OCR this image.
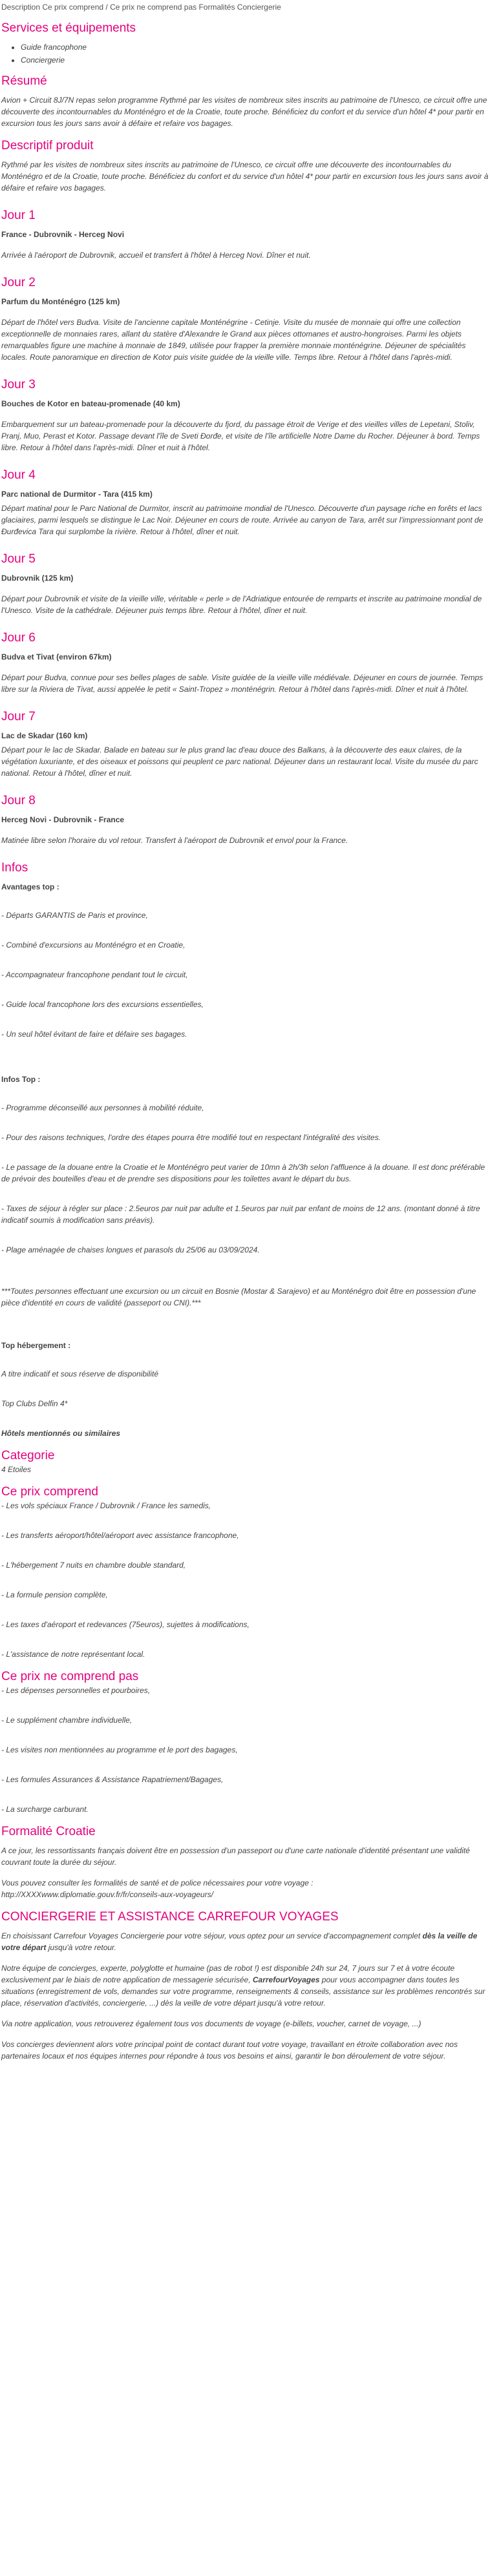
Description Ce prix comprend / Ce prix ne comprend pas Formalités Conciergerie
Services et équipements
• Guide francophone
• Conciergerie
Résumé

Avion + Circuit 8J/7N repas selon programme Rythmé par les visites de nombreux sites inscrits au patrimoine de l'Unesco, ce circuit offre une découverte des incontournables du Monténégro et de la Croatie, toute proche. Bénéficiez du confort et du service d'un hôtel 4* pour partir en excursion tous les jours sans avoir à défaire et refaire vos bagages.

Descriptif produit

Rythmé par les visites de nombreux sites inscrits au patrimoine de l'Unesco, ce circuit offre une découverte des incontournables du Monténégro et de la Croatie, toute proche. Bénéficiez du confort et du service d'un hôtel 4* pour partir en excursion tous les jours sans avoir à défaire et refaire vos bagages.

Jour 1
France - Dubrovnik - Herceg Novi

Arrivée à l'aéroport de Dubrovnik, accueil et transfert à l'hôtel à Herceg Novi. Dîner et nuit.

Jour 2
Parfum du Monténégro (125 km)

Départ de l'hôtel vers Budva. Visite de l'ancienne capitale Monténégrine - Cetinje. Visite du musée de monnaie qui offre une collection exceptionnelle de monnaies rares, allant du statère d'Alexandre le Grand aux pièces ottomanes et austro-hongroises. Parmi les objets remarquables figure une machine à monnaie de 1849, utilisée pour frapper la première monnaie monténégrine. Déjeuner de spécialités locales. Route panoramique en direction de Kotor puis visite guidée de la vieille ville. Temps libre. Retour à l'hôtel dans l'après-midi.

Jour 3
Bouches de Kotor en bateau-promenade (40 km)

Embarquement sur un bateau-promenade pour la découverte du fjord, du passage étroit de Verige et des vieilles villes de Lepetani, Stoliv, Pranj, Muo, Perast et Kotor. Passage devant l'île de Sveti Đorđe, et visite de l'île artificielle Notre Dame du Rocher. Déjeuner à bord. Temps libre. Retour à l'hôtel dans l'après-midi. Dîner et nuit à l'hôtel.

Jour 4
Parc national de Durmitor - Tara (415 km)

Départ matinal pour le Parc National de Durmitor, inscrit au patrimoine mondial de l'Unesco. Découverte d'un paysage riche en forêts et lacs glaciaires, parmi lesquels se distingue le Lac Noir. Déjeuner en cours de route. Arrivée au canyon de Tara, arrêt sur l'impressionnant pont de Đurđevica Tara qui surplombe la rivière. Retour à l'hôtel, dîner et nuit.

Jour 5
Dubrovnik (125 km)

Départ pour Dubrovnik et visite de la vieille ville, véritable « perle » de l'Adriatique entourée de remparts et inscrite au patrimoine mondial de l'Unesco. Visite de la cathédrale. Déjeuner puis temps libre. Retour à l'hôtel, dîner et nuit.

Jour 6
Budva et Tivat (environ 67km)

Départ pour Budva, connue pour ses belles plages de sable. Visite guidée de la vieille ville médiévale. Déjeuner en cours de journée. Temps libre sur la Riviera de Tivat, aussi appelée le petit « Saint-Tropez » monténégrin. Retour à l'hôtel dans l'après-midi. Dîner et nuit à l'hôtel.

Jour 7
Lac de Skadar (160 km)

Départ pour le lac de Skadar. Balade en bateau sur le plus grand lac d'eau douce des Balkans, à la découverte des eaux claires, de la végétation luxuriante, et des oiseaux et poissons qui peuplent ce parc national. Déjeuner dans un restaurant local. Visite du musée du parc national. Retour à l'hôtel, dîner et nuit.

Jour 8
Herceg Novi - Dubrovnik - France

Matinée libre selon l'horaire du vol retour. Transfert à l'aéroport de Dubrovnik et envol pour la France.

Infos
Avantages top :
- Départs GARANTIS de Paris et province,
- Combiné d'excursions au Monténégro et en Croatie,
- Accompagnateur francophone pendant tout le circuit,
- Guide local francophone lors des excursions essentielles,
- Un seul hôtel évitant de faire et défaire ses bagages.
Infos Top :
- Programme déconseillé aux personnes à mobilité réduite,
- Pour des raisons techniques, l'ordre des étapes pourra être modifié tout en respectant l'intégralité des visites.
- Le passage de la douane entre la Croatie et le Monténégro peut varier de 10mn à 2h/3h selon l'affluence à la douane. Il est donc préférable de prévoir des bouteilles d'eau et de prendre ses dispositions pour les toilettes avant le départ du bus.
- Taxes de séjour à régler sur place : 2.5euros par nuit par adulte et 1.5euros par nuit par enfant de moins de 12 ans. (montant donné à titre indicatif soumis à modification sans préavis).
- Plage aménagée de chaises longues et parasols du 25/06 au 03/09/2024.
***Toutes personnes effectuant une excursion ou un circuit en Bosnie (Mostar & Sarajevo) et au Monténégro doit être en possession d'une pièce d'identité en cours de validité (passeport ou CNI).***
Top hébergement :
A titre indicatif et sous réserve de disponibilité
Top Clubs Delfin 4*
Hôtels mentionnés ou similaires
Categorie
4 Etoiles
Ce prix comprend
- Les vols spéciaux France / Dubrovnik / France les samedis,
- Les transferts aéroport/hôtel/aéroport avec assistance francophone,
- L'hébergement 7 nuits en chambre double standard,
- La formule pension complète,
- Les taxes d'aéroport et redevances (75euros), sujettes à modifications,
- L'assistance de notre représentant local.
Ce prix ne comprend pas
- Les dépenses personnelles et pourboires,
- Le supplément chambre individuelle,
- Les visites non mentionnées au programme et le port des bagages,
- Les formules Assurances & Assistance Rapatriement/Bagages,
- La surcharge carburant.
Formalité Croatie

A ce jour, les ressortissants français doivent être en possession d'un passeport ou d'une carte nationale d'identité présentant une validité couvrant toute la durée du séjour.

Vous pouvez consulter les formalités de santé et de police nécessaires pour votre voyage :
http://XXXXwww.diplomatie.gouv.fr/fr/conseils-aux-voyageurs/

CONCIERGERIE ET ASSISTANCE CARREFOUR VOYAGES

En choisissant Carrefour Voyages Conciergerie pour votre séjour, vous optez pour un service d'accompagnement complet dès la veille de votre départ jusqu'à votre retour.

Notre équipe de concierges, experte, polyglotte et humaine (pas de robot !) est disponible 24h sur 24, 7 jours sur 7 et à votre écoute exclusivement par le biais de notre application de messagerie sécurisée, CarrefourVoyages pour vous accompagner dans toutes les situations (enregistrement de vols, demandes sur votre programme, renseignements & conseils, assistance sur les problèmes rencontrés sur place, réservation d'activités, conciergerie, ...) dès la veille de votre départ jusqu'à votre retour.

Via notre application, vous retrouverez également tous vos documents de voyage (e-billets, voucher, carnet de voyage, ...)

Vos concierges deviennent alors votre principal point de contact durant tout votre voyage, travaillant en étroite collaboration avec nos partenaires locaux et nos équipes internes pour répondre à tous vos besoins et ainsi, garantir le bon déroulement de votre séjour.
